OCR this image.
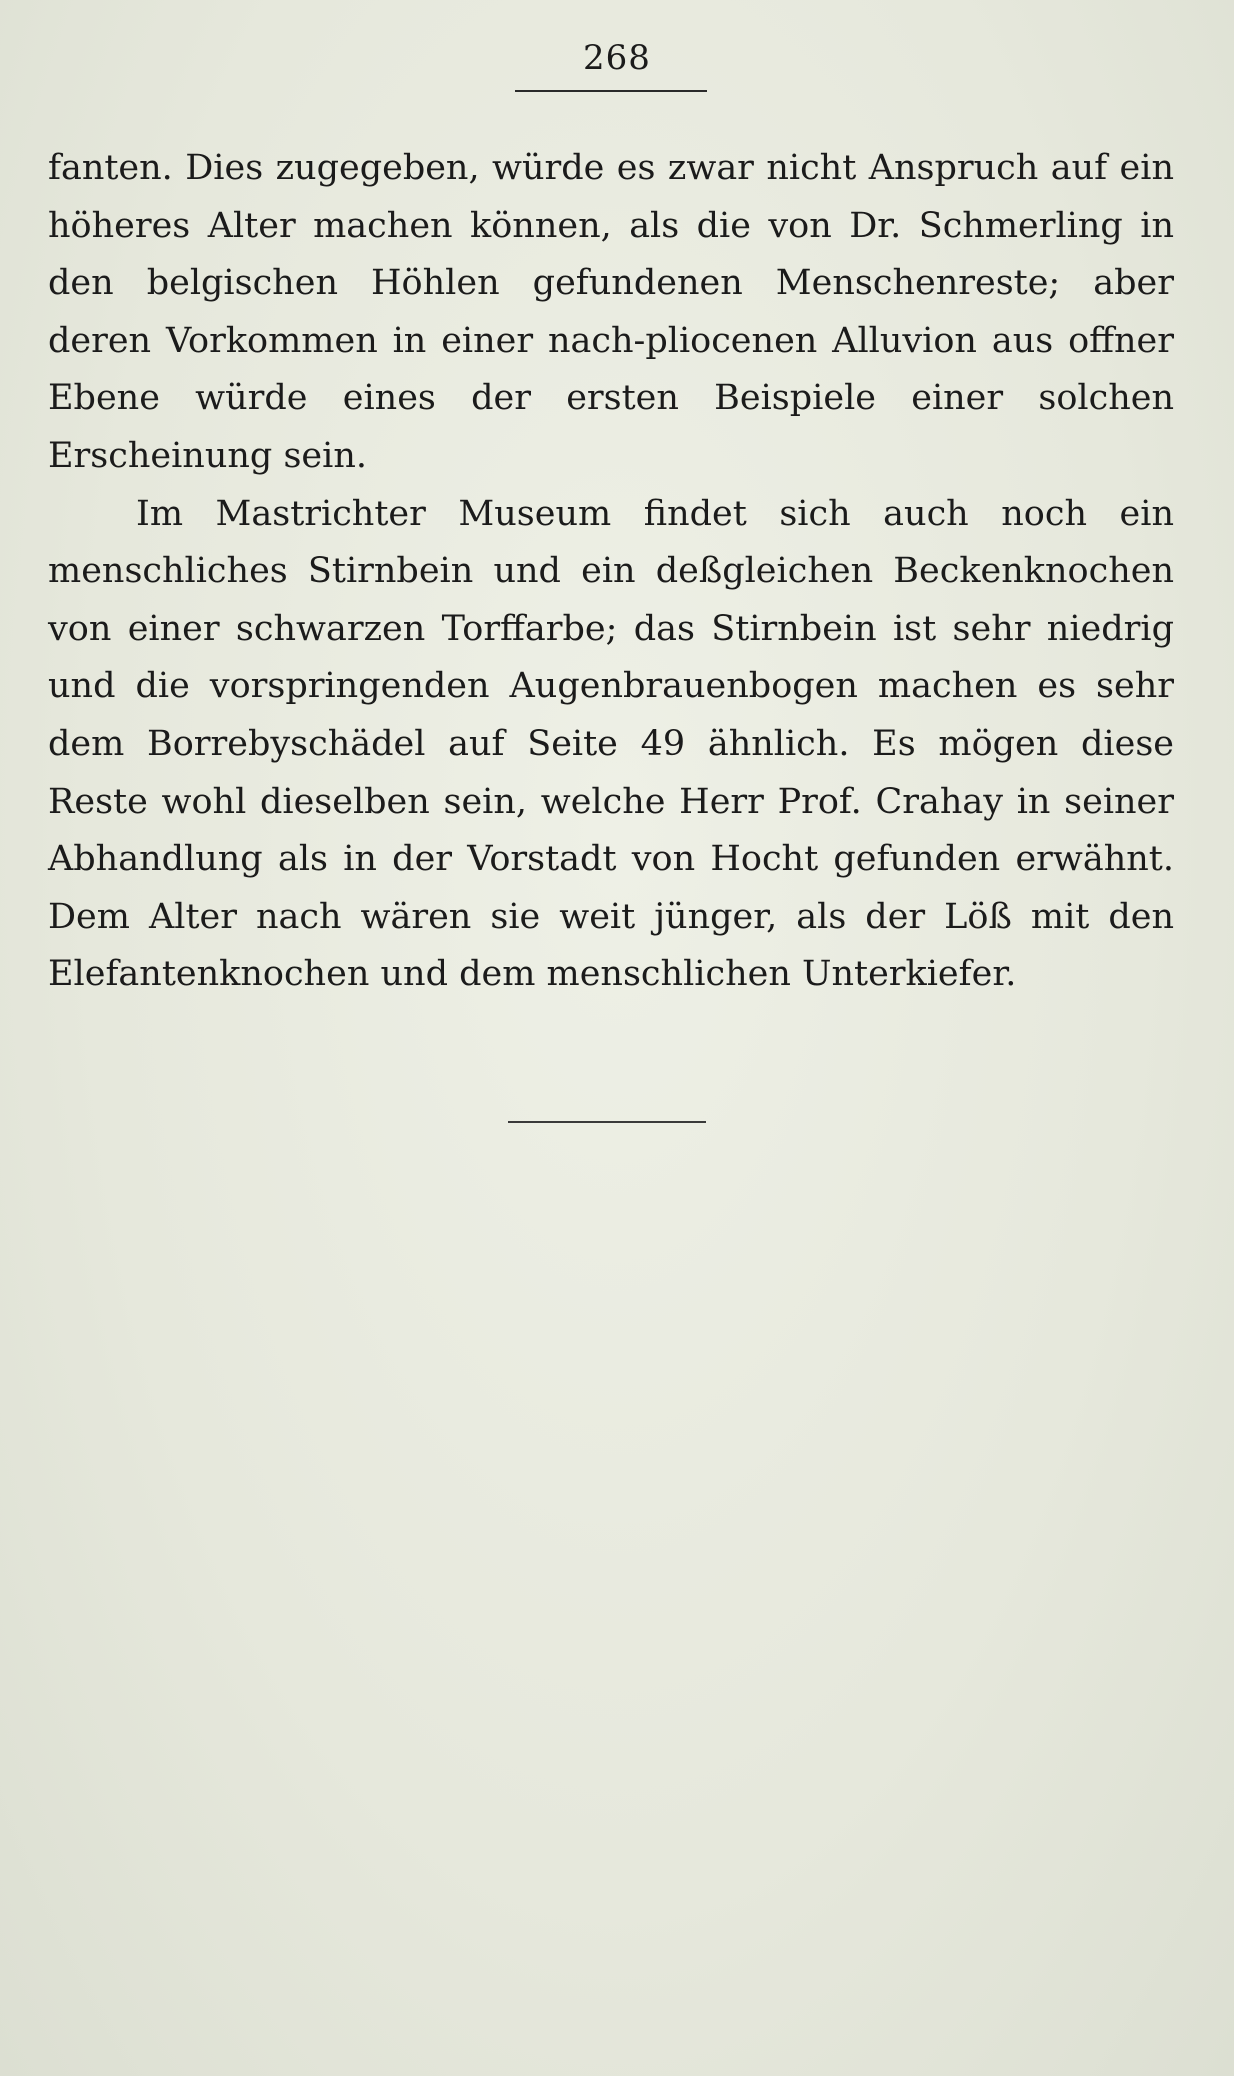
268

fanten. Dies zugegeben, würde es zwar nicht Anspruch auf ein höheres Alter machen können, als die von Dr. Schmerling in den belgischen Höhlen gefundenen Menschenreste; aber deren Vorkommen in einer nach-pliocenen Alluvion aus offner Ebene würde eines der ersten Beispiele einer solchen Erscheinung sein.

Im Mastrichter Museum findet sich auch noch ein menschliches Stirnbein und ein deßgleichen Beckenknochen von einer schwarzen Torffarbe; das Stirnbein ist sehr niedrig und die vorspringenden Augenbrauenbogen machen es sehr dem Borrebyschädel auf Seite 49 ähnlich. Es mögen diese Reste wohl dieselben sein, welche Herr Prof. Crahay in seiner Abhandlung als in der Vorstadt von Hocht gefunden erwähnt. Dem Alter nach wären sie weit jünger, als der Löß mit den Elefantenknochen und dem menschlichen Unterkiefer.
